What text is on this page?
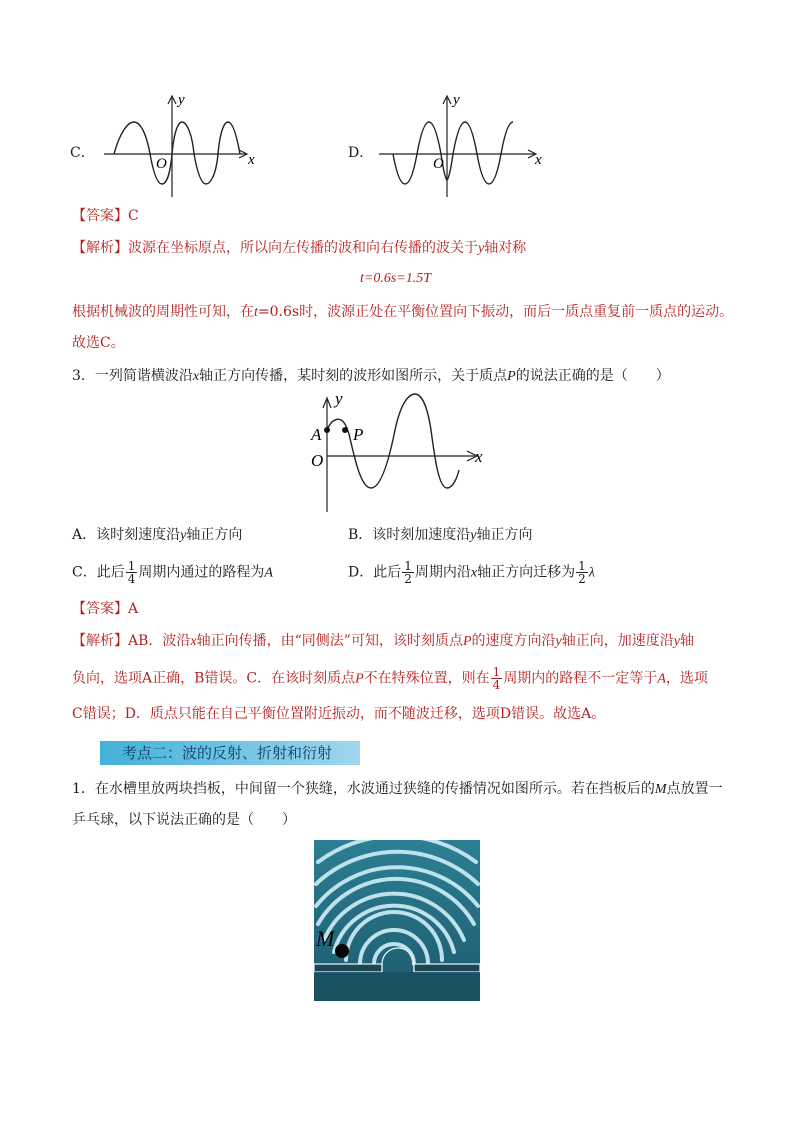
C．
y
O	x	D．
y
O	x
【答案】C
【解析】波源在坐标原点，所以向左传播的波和向右传播的波关于y轴对称
t=0.6s=1.5T
根据机械波的周期性可知，在t=0.6s时，波源正处在平衡位置向下振动，而后一质点重复前一质点的运动。
故选C。
3．一列简谐横波沿x轴正方向传播，某时刻的波形如图所示，关于质点P的说法正确的是（　　）
y
A P
O	x
A．该时刻速度沿y轴正方向	B．该时刻加速度沿y轴正方向
C．此后 $\frac{1}{4}$ 周期内通过的路程为A	D．此后 $\frac{1}{2}$ 周期内沿x轴正方向迁移为 $\frac{1}{2}$ λ
【答案】A
【解析】AB．波沿x轴正向传播，由“同侧法”可知，该时刻质点P的速度方向沿y轴正向，加速度沿y轴
负向，选项A正确，B错误。C．在该时刻质点P不在特殊位置，则在 $\frac{1}{4}$ 周期内的路程不一定等于A，选项
C错误；D．质点只能在自己平衡位置附近振动，而不随波迁移，选项D错误。故选A。
考点二：波的反射、折射和衍射
1．在水槽里放两块挡板，中间留一个狭缝，水波通过狭缝的传播情况如图所示。若在挡板后的M点放置一
乒乓球，以下说法正确的是（　　）
M
